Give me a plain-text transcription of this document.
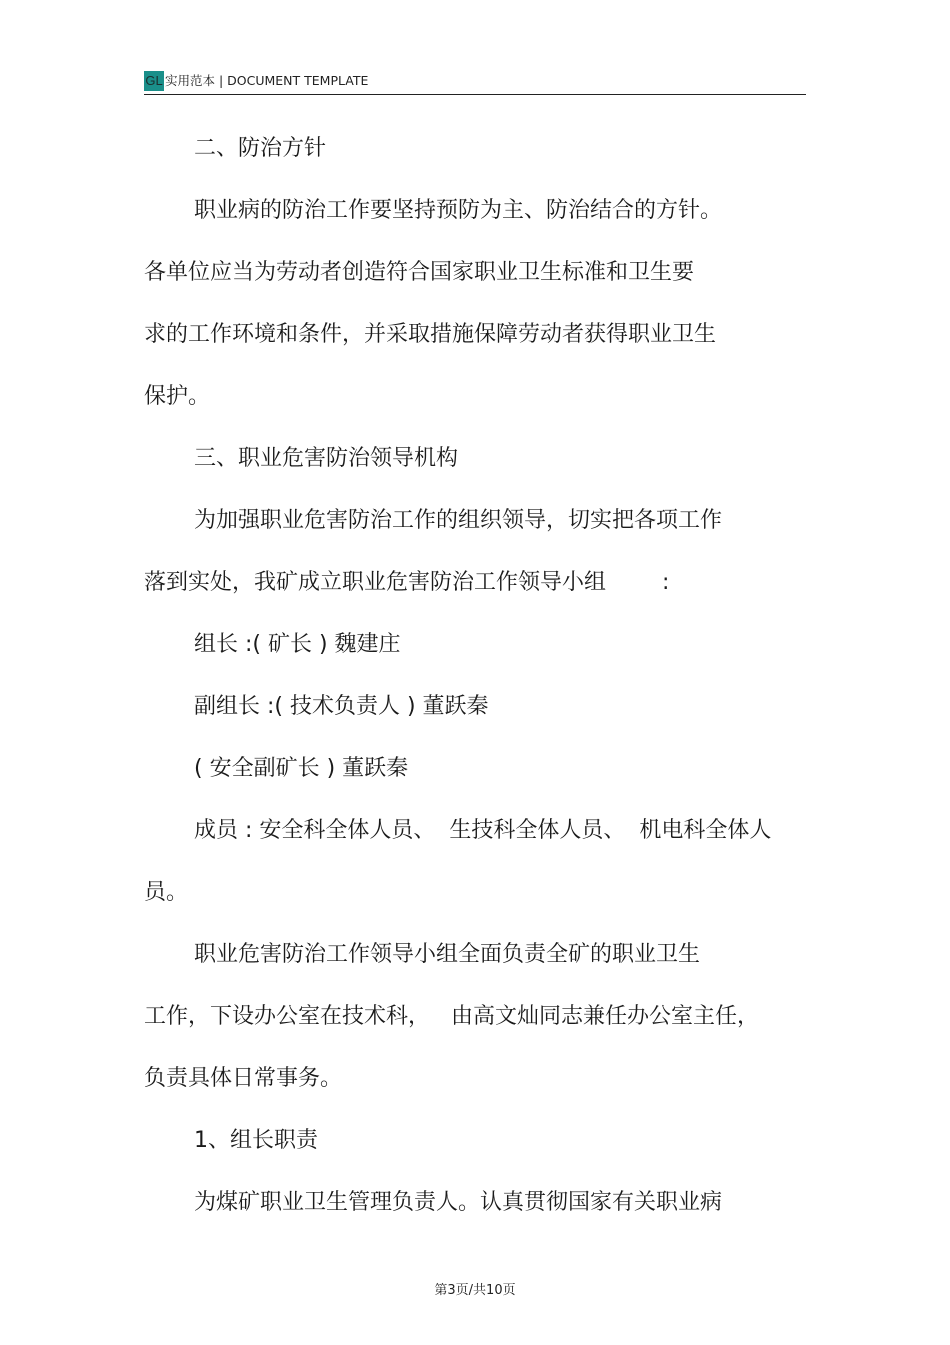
GL 实用范本 | DOCUMENT TEMPLATE
二、防治方针
职业病的防治工作要坚持预防为主、防治结合的方针。
各单位应当为劳动者创造符合国家职业卫生标准和卫生要
求的工作环境和条件，并采取措施保障劳动者获得职业卫生
保护。
三、职业危害防治领导机构
为加强职业危害防治工作的组织领导，切实把各项工作
落到实处，我矿成立职业危害防治工作领导小组        :
组长 :( 矿长 ) 魏建庄
副组长 :( 技术负责人 ) 董跃秦
( 安全副矿长 ) 董跃秦
成员 : 安全科全体人员、  生技科全体人员、  机电科全体人
员。
职业危害防治工作领导小组全面负责全矿的职业卫生
工作，下设办公室在技术科，   由高文灿同志兼任办公室主任，
负责具体日常事务。
1、组长职责
为煤矿职业卫生管理负责人。认真贯彻国家有关职业病
第3页/共10页
